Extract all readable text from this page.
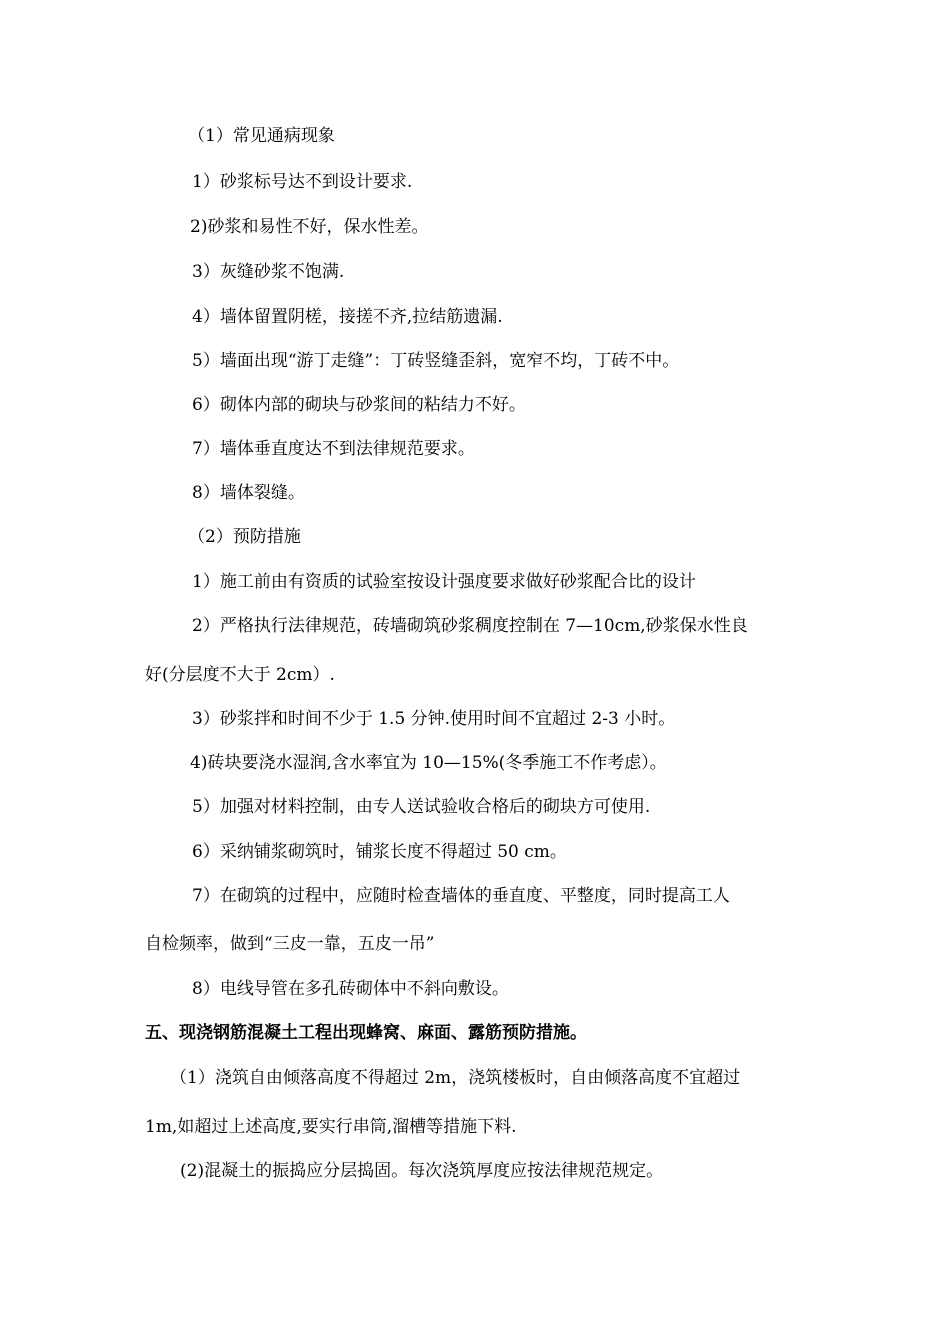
（1）常见通病现象
1）砂浆标号达不到设计要求.
2)砂浆和易性不好，保水性差。
3）灰缝砂浆不饱满.
4）墙体留置阴槎，接搓不齐,拉结筋遗漏.
5）墙面出现“游丁走缝”：丁砖竖缝歪斜，宽窄不均，丁砖不中。
6）砌体内部的砌块与砂浆间的粘结力不好。
7）墙体垂直度达不到法律规范要求。
8）墙体裂缝。
（2）预防措施
1）施工前由有资质的试验室按设计强度要求做好砂浆配合比的设计
2）严格执行法律规范，砖墙砌筑砂浆稠度控制在 7—10cm,砂浆保水性良
好(分层度不大于 2cm）.
3）砂浆拌和时间不少于 1.5 分钟.使用时间不宜超过 2-3 小时。
4)砖块要浇水湿润,含水率宜为 10—15%(冬季施工不作考虑）。
5）加强对材料控制，由专人送试验收合格后的砌块方可使用.
6）采纳铺浆砌筑时，铺浆长度不得超过 50 cm。
7）在砌筑的过程中，应随时检查墙体的垂直度、平整度，同时提高工人
自检频率，做到“三皮一靠，五皮一吊”
8）电线导管在多孔砖砌体中不斜向敷设。
五、现浇钢筋混凝土工程出现蜂窝、麻面、露筋预防措施。
（1）浇筑自由倾落高度不得超过 2m，浇筑楼板时，自由倾落高度不宜超过
1m,如超过上述高度,要实行串筒,溜槽等措施下料.
(2)混凝土的振捣应分层捣固。每次浇筑厚度应按法律规范规定。
